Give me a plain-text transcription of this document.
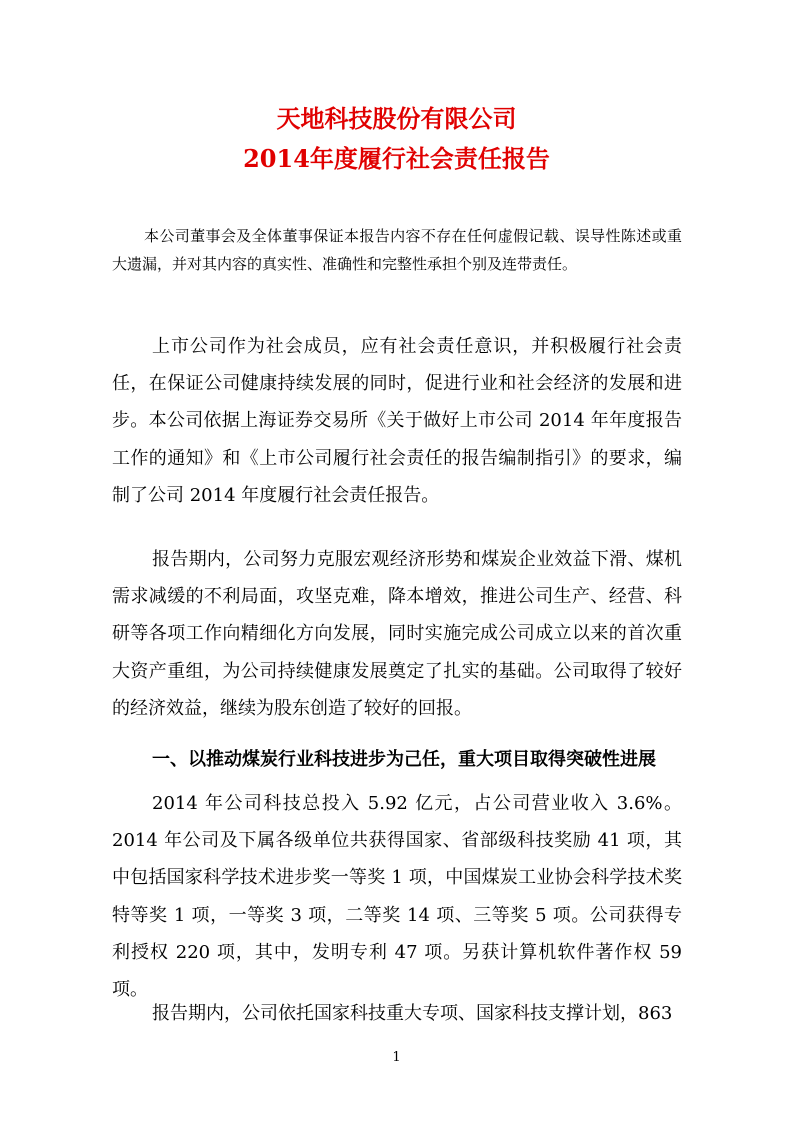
天地科技股份有限公司
2014年度履行社会责任报告

本公司董事会及全体董事保证本报告内容不存在任何虚假记载、误导性陈述或重大遗漏，并对其内容的真实性、准确性和完整性承担个别及连带责任。

上市公司作为社会成员，应有社会责任意识，并积极履行社会责任，在保证公司健康持续发展的同时，促进行业和社会经济的发展和进步。本公司依据上海证券交易所《关于做好上市公司 2014 年年度报告工作的通知》和《上市公司履行社会责任的报告编制指引》的要求，编制了公司 2014 年度履行社会责任报告。

报告期内，公司努力克服宏观经济形势和煤炭企业效益下滑、煤机需求减缓的不利局面，攻坚克难，降本增效，推进公司生产、经营、科研等各项工作向精细化方向发展，同时实施完成公司成立以来的首次重大资产重组，为公司持续健康发展奠定了扎实的基础。公司取得了较好的经济效益，继续为股东创造了较好的回报。

一、以推动煤炭行业科技进步为己任，重大项目取得突破性进展

2014 年公司科技总投入 5.92 亿元，占公司营业收入 3.6%。2014 年公司及下属各级单位共获得国家、省部级科技奖励 41 项，其中包括国家科学技术进步奖一等奖 1 项，中国煤炭工业协会科学技术奖特等奖 1 项，一等奖 3 项，二等奖 14 项、三等奖 5 项。公司获得专利授权 220 项，其中，发明专利 47 项。另获计算机软件著作权 59 项。

报告期内，公司依托国家科技重大专项、国家科技支撑计划，863

1
